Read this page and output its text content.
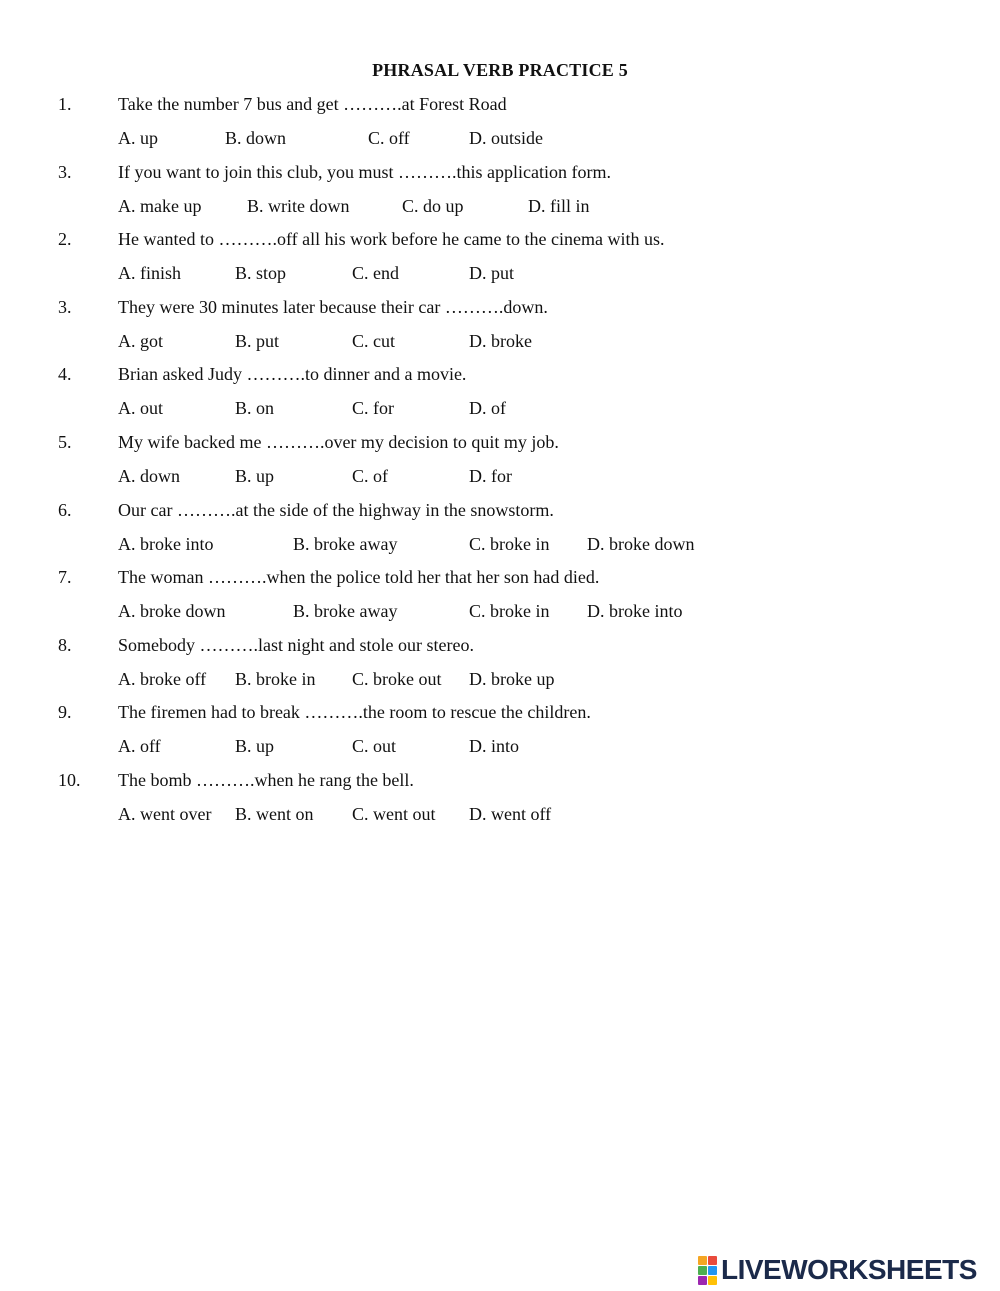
PHRASAL VERB PRACTICE 5
1.	Take the number 7 bus and get ……….at Forest Road
A. up	B. down	C. off	D. outside
3.	If you want to join this club, you must ……….this application form.
A. make up	B. write down	C. do up	D. fill in
2.	He wanted to ……….off all his work before he came to the cinema with us.
A. finish	B. stop	C. end	D. put
3.	They were 30 minutes later because their car ……….down.
A. got	B. put	C. cut	D. broke
4.	Brian asked Judy ……….to dinner and a movie.
A. out	B. on	C. for	D. of
5.	My wife backed me ……….over my decision to quit my job.
A. down	B. up	C. of	D. for
6.	Our car ……….at the side of the highway in the snowstorm.
A. broke into	B. broke away	C. broke in D. broke down
7.	The woman ……….when the police told her that her son had died.
A. broke down	B. broke away	C. broke in D. broke into
8.	Somebody ……….last night and stole our stereo.
A. broke off B. broke in C. broke out D. broke up
9.	The firemen had to break ……….the room to rescue the children.
A. off	B. up	C. out	D. into
10. The bomb ……….when he rang the bell.
A. went over B. went on C. went out D. went off
LIVEWORKSHEETS
